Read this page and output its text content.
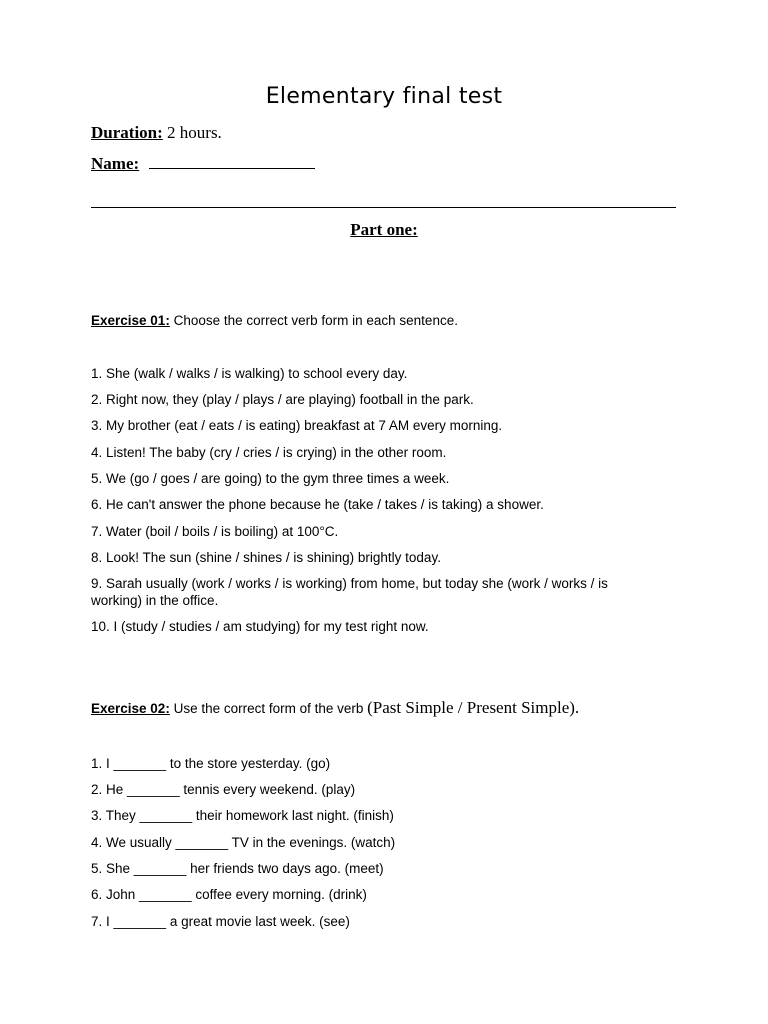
Elementary final test
Duration: 2 hours.
Name:
Part one:
Exercise 01: Choose the correct verb form in each sentence.
1. She (walk / walks / is walking) to school every day.
2. Right now, they (play / plays / are playing) football in the park.
3. My brother (eat / eats / is eating) breakfast at 7 AM every morning.
4. Listen! The baby (cry / cries / is crying) in the other room.
5. We (go / goes / are going) to the gym three times a week.
6. He can't answer the phone because he (take / takes / is taking) a shower.
7. Water (boil / boils / is boiling) at 100°C.
8. Look! The sun (shine / shines / is shining) brightly today.
9. Sarah usually (work / works / is working) from home, but today she (work / works / is working) in the office.
10. I (study / studies / am studying) for my test right now.
Exercise 02: Use the correct form of the verb (Past Simple / Present Simple).
1. I _______ to the store yesterday. (go)
2. He _______ tennis every weekend. (play)
3. They _______ their homework last night. (finish)
4. We usually _______ TV in the evenings. (watch)
5. She _______ her friends two days ago. (meet)
6. John _______ coffee every morning. (drink)
7. I _______ a great movie last week. (see)
